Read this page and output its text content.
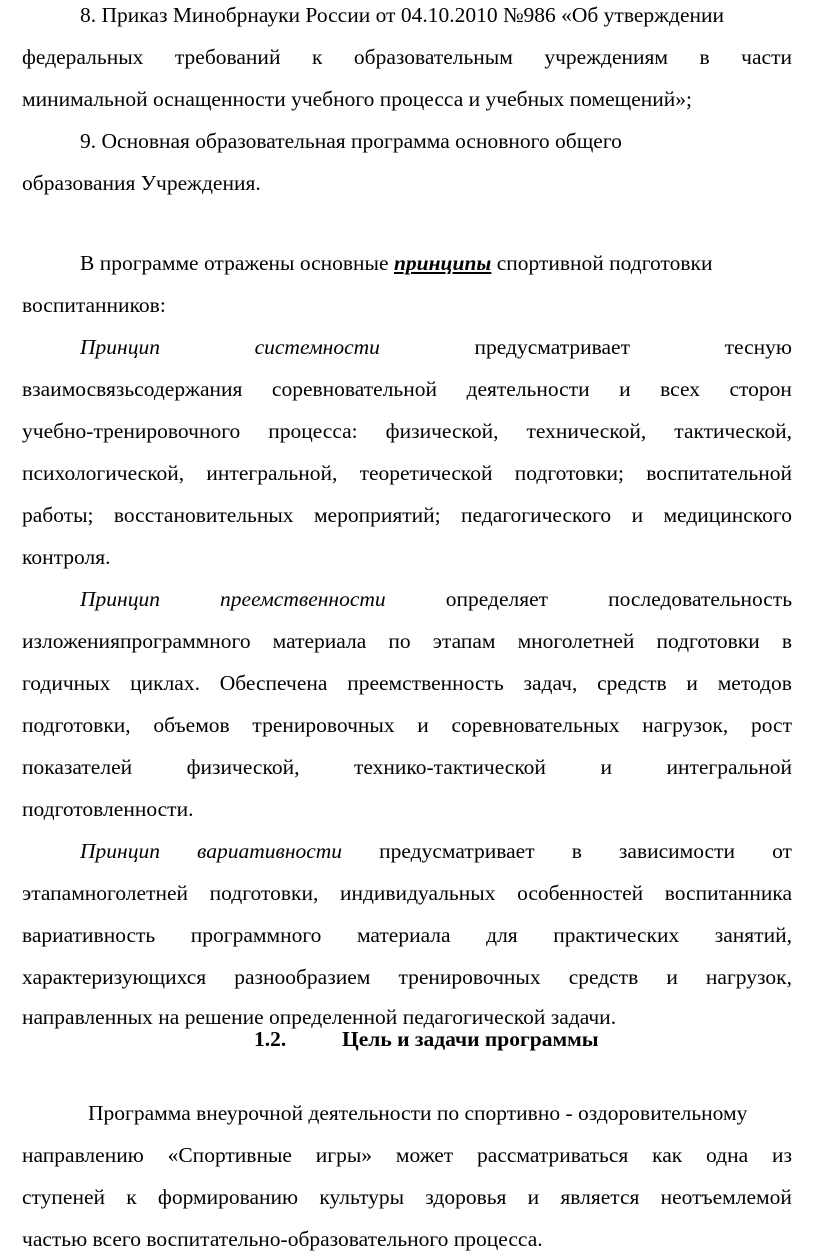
8. Приказ Минобрнауки России от 04.10.2010 №986 «Об утверждении
федеральных требований к образовательным учреждениям в части
минимальной оснащенности учебного процесса и учебных помещений»;
9. Основная образовательная программа основного общего
образования Учреждения.
В программе отражены основные принципы спортивной подготовки
воспитанников:
Принцип	системности	предусматривает	тесную
взаимосвязьсодержания соревновательной деятельности и всех сторон
учебно-тренировочного процесса: физической, технической, тактической,
психологической, интегральной, теоретической подготовки; воспитательной
работы; восстановительных мероприятий; педагогического и медицинского
контроля.
Принцип	преемственности	определяет	последовательность
изложенияпрограммного материала по этапам многолетней подготовки в
годичных циклах. Обеспечена преемственность задач, средств и методов
подготовки, объемов тренировочных и соревновательных нагрузок, рост
показателей	физической,	технико-тактической	и	интегральной
подготовленности.
Принцип вариативности предусматривает в зависимости от
этапамноголетней подготовки, индивидуальных особенностей воспитанника
вариативность программного материала для практических занятий,
характеризующихся разнообразием тренировочных средств и нагрузок,
направленных на решение определенной педагогической задачи.
1.2.	Цель и задачи программы
Программа внеурочной деятельности по спортивно - оздоровительному
направлению «Спортивные игры» может рассматриваться как одна из
ступеней к формированию культуры здоровья и является неотъемлемой
частью всего воспитательно-образовательного процесса.
